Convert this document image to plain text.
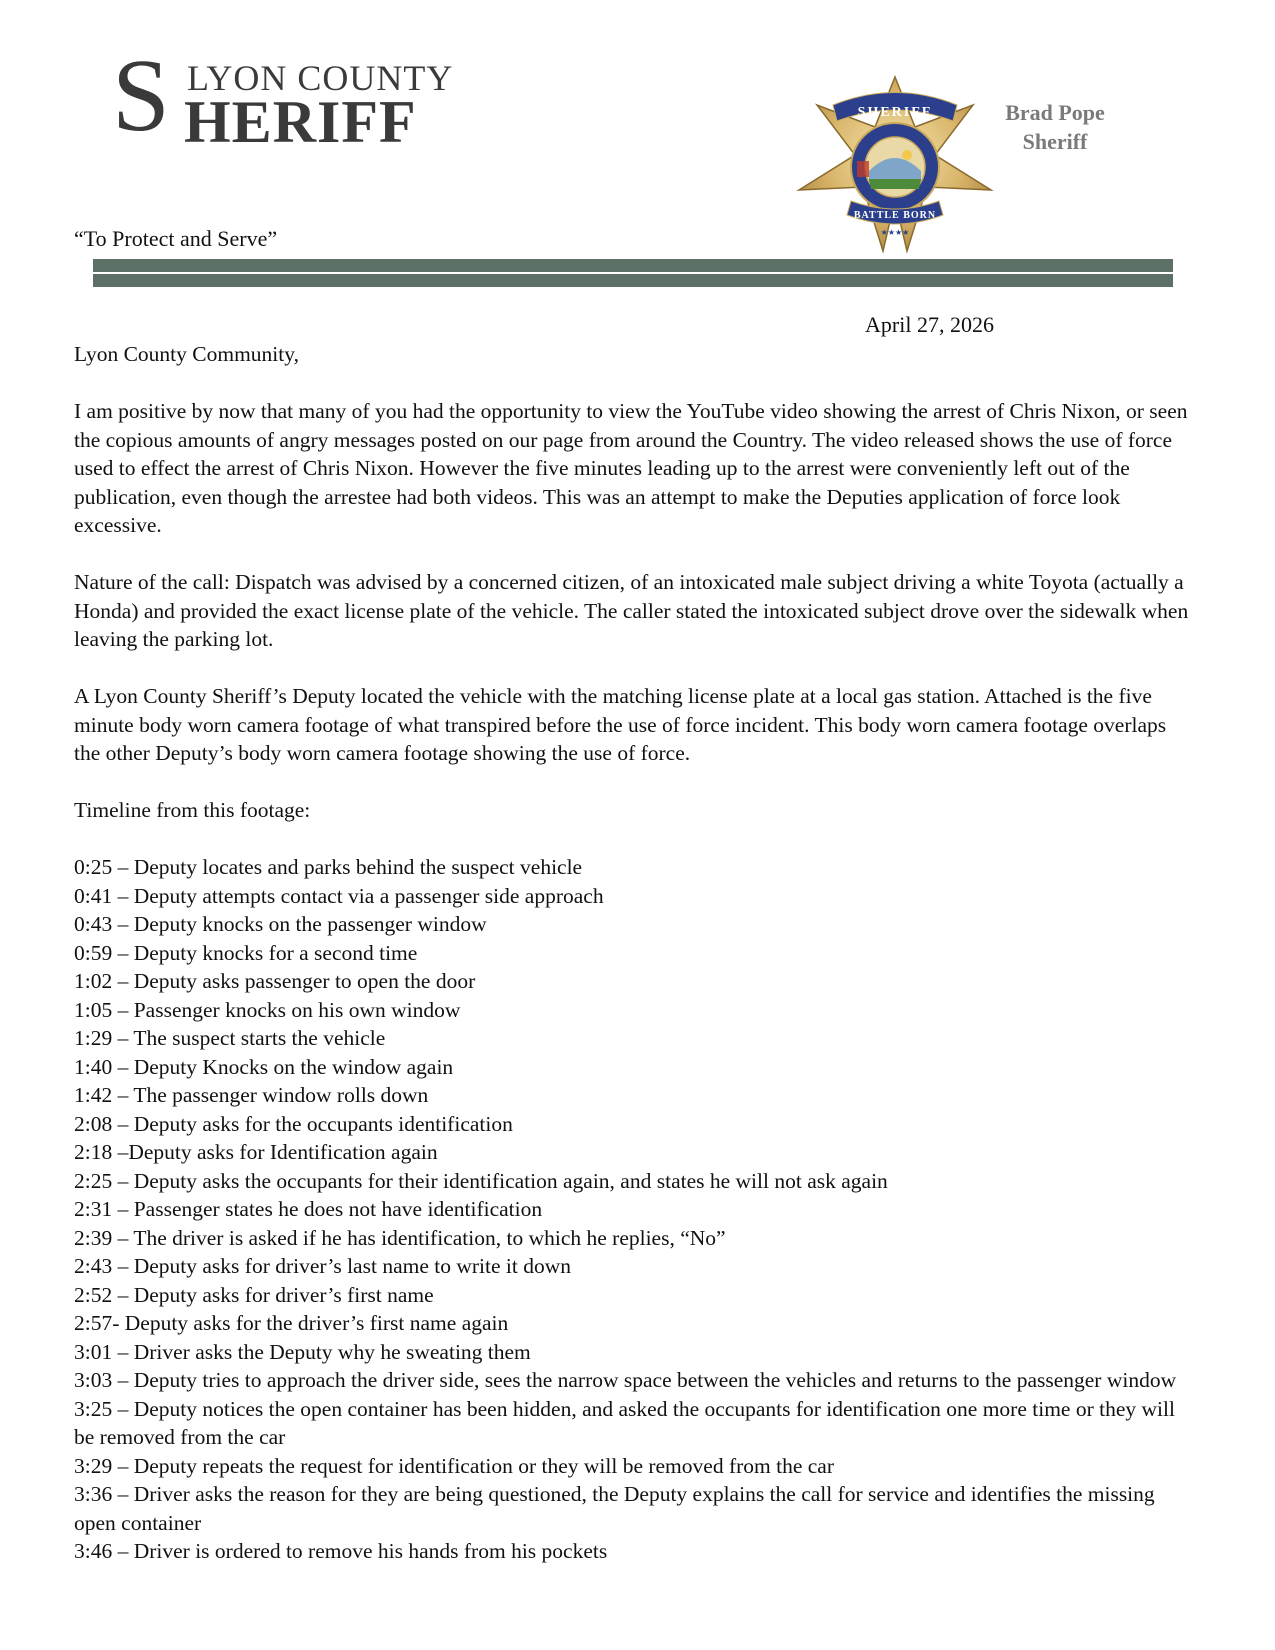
S LYON COUNTY
HERIFF	SHERIFF
BATTLE BORN
★★★★
Brad Pope
Sheriff
“To Protect and Serve”
April 27, 2026

Lyon County Community,

I am positive by now that many of you had the opportunity to view the YouTube video showing the arrest of Chris Nixon, or seen the copious amounts of angry messages posted on our page from around the Country. The video released shows the use of force used to effect the arrest of Chris Nixon. However the five minutes leading up to the arrest were conveniently left out of the publication, even though the arrestee had both videos. This was an attempt to make the Deputies application of force look excessive.

Nature of the call: Dispatch was advised by a concerned citizen, of an intoxicated male subject driving a white Toyota (actually a Honda) and provided the exact license plate of the vehicle. The caller stated the intoxicated subject drove over the sidewalk when leaving the parking lot.

A Lyon County Sheriff’s Deputy located the vehicle with the matching license plate at a local gas station. Attached is the five minute body worn camera footage of what transpired before the use of force incident. This body worn camera footage overlaps the other Deputy’s body worn camera footage showing the use of force.

Timeline from this footage:

0:25 – Deputy locates and parks behind the suspect vehicle
0:41 – Deputy attempts contact via a passenger side approach
0:43 – Deputy knocks on the passenger window
0:59 – Deputy knocks for a second time
1:02 – Deputy asks passenger to open the door
1:05 – Passenger knocks on his own window
1:29 – The suspect starts the vehicle
1:40 – Deputy Knocks on the window again
1:42 – The passenger window rolls down
2:08 – Deputy asks for the occupants identification
2:18 –Deputy asks for Identification again
2:25 – Deputy asks the occupants for their identification again, and states he will not ask again
2:31 – Passenger states he does not have identification
2:39 – The driver is asked if he has identification, to which he replies, “No”
2:43 – Deputy asks for driver’s last name to write it down
2:52 – Deputy asks for driver’s first name
2:57- Deputy asks for the driver’s first name again
3:01 – Driver asks the Deputy why he sweating them
3:03 – Deputy tries to approach the driver side, sees the narrow space between the vehicles and returns to the passenger window
3:25 – Deputy notices the open container has been hidden, and asked the occupants for identification one more time or they will be removed from the car
3:29 – Deputy repeats the request for identification or they will be removed from the car
3:36 – Driver asks the reason for they are being questioned, the Deputy explains the call for service and identifies the missing open container
3:46 – Driver is ordered to remove his hands from his pockets
